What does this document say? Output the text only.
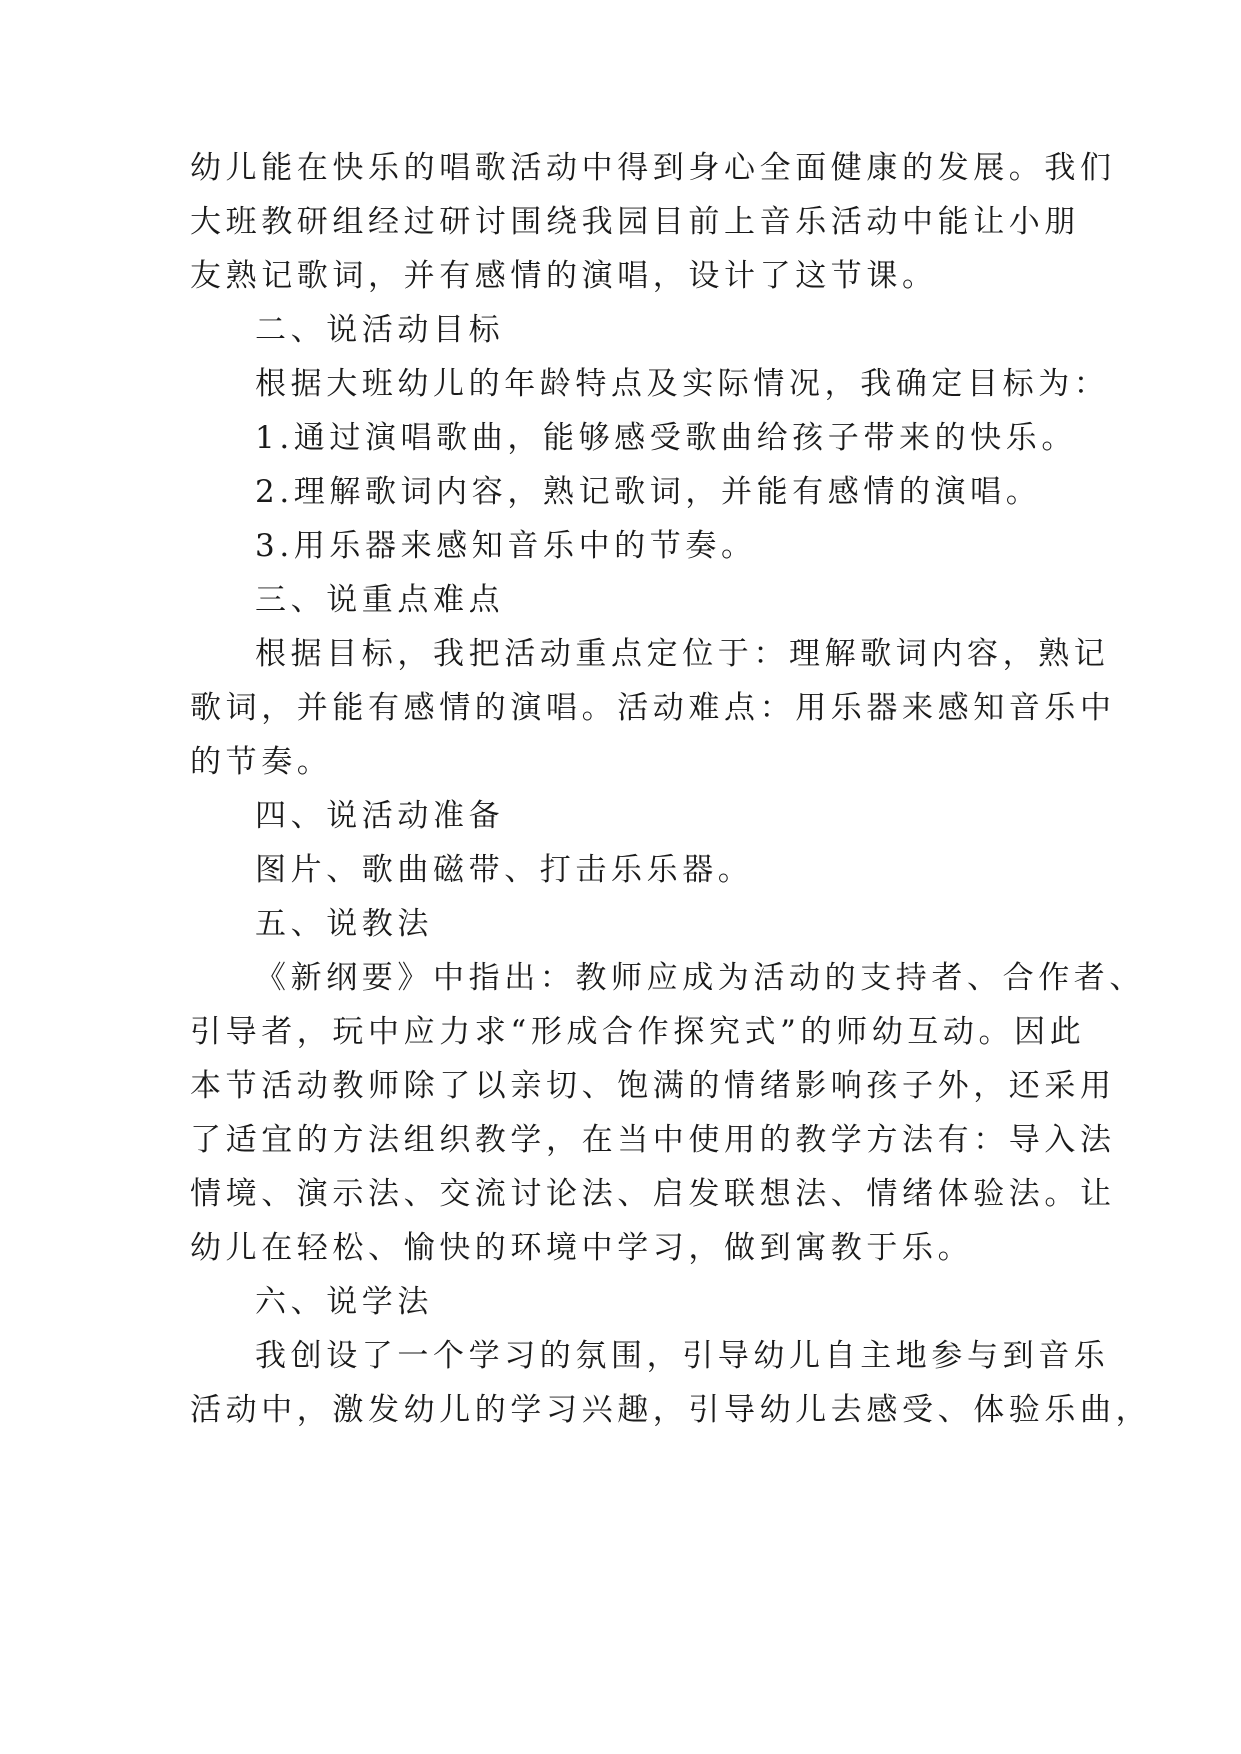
幼儿能在快乐的唱歌活动中得到身心全面健康的发展。我们
大班教研组经过研讨围绕我园目前上音乐活动中能让小朋
友熟记歌词，并有感情的演唱，设计了这节课。
二、说活动目标
根据大班幼儿的年龄特点及实际情况，我确定目标为：
1.通过演唱歌曲，能够感受歌曲给孩子带来的快乐。
2.理解歌词内容，熟记歌词，并能有感情的演唱。
3.用乐器来感知音乐中的节奏。
三、说重点难点
根据目标，我把活动重点定位于：理解歌词内容，熟记
歌词，并能有感情的演唱。活动难点：用乐器来感知音乐中
的节奏。
四、说活动准备
图片、歌曲磁带、打击乐乐器。
五、说教法
《新纲要》中指出：教师应成为活动的支持者、合作者、
引导者，玩中应力求“形成合作探究式”的师幼互动。因此
本节活动教师除了以亲切、饱满的情绪影响孩子外，还采用
了适宜的方法组织教学，在当中使用的教学方法有：导入法
情境、演示法、交流讨论法、启发联想法、情绪体验法。让
幼儿在轻松、愉快的环境中学习，做到寓教于乐。
六、说学法
我创设了一个学习的氛围，引导幼儿自主地参与到音乐
活动中，激发幼儿的学习兴趣，引导幼儿去感受、体验乐曲，
